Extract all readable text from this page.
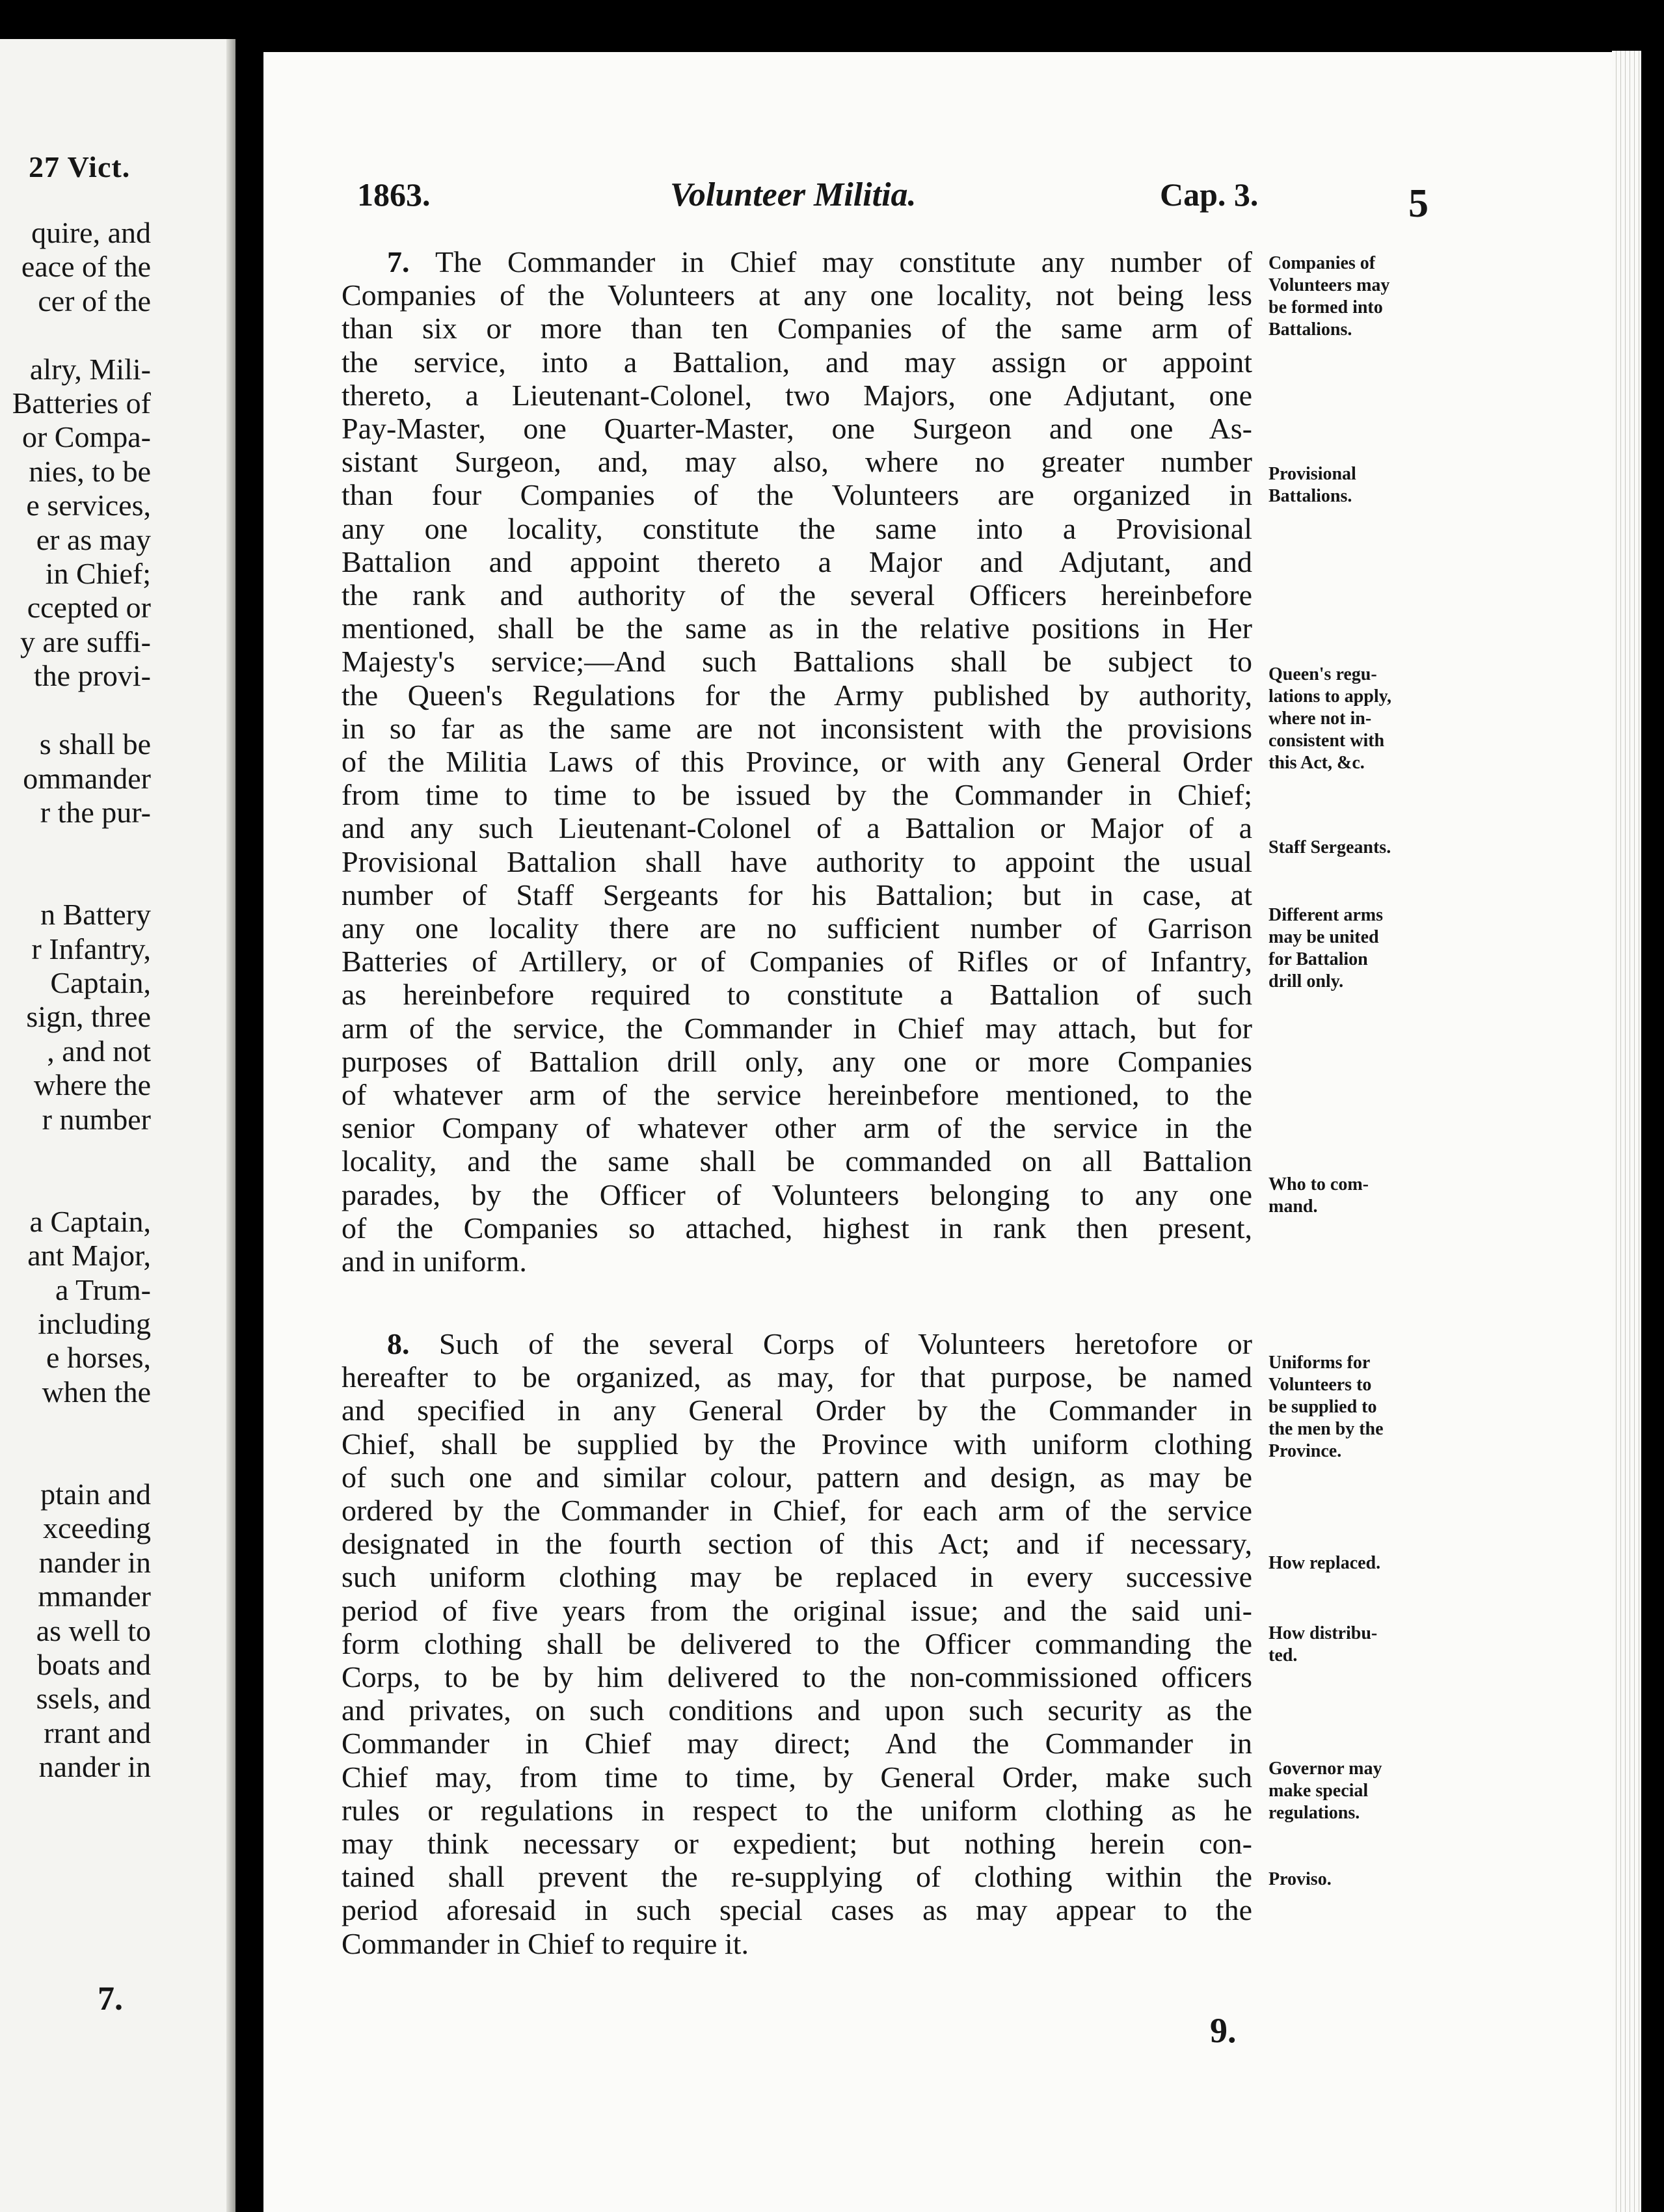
27 Vict.
quire, and
eace of the
cer of the

alry, Mili-
Batteries of
or Compa-
nies, to be
e services,
er as may
in Chief;
ccepted or
y are suffi-
the provi-

s shall be
ommander
r the pur-

n Battery
r Infantry,
Captain,
sign, three
, and not
where the
r number

a Captain,
ant Major,
a Trum-
including
e horses,
when the

ptain and
xceeding
nander in
mmander
as well to
boats and
ssels, and
rrant and
nander in
7.
1863.	Volunteer Militia.	Cap. 3.	5
7. The Commander in Chief may constitute any number of
Companies of the Volunteers at any one locality, not being less
than six or more than ten Companies of the same arm of
the service, into a Battalion, and may assign or appoint
thereto, a Lieutenant-Colonel, two Majors, one Adjutant, one
Pay-Master, one Quarter-Master, one Surgeon and one As-
sistant Surgeon, and, may also, where no greater number
than four Companies of the Volunteers are organized in
any one locality, constitute the same into a Provisional
Battalion and appoint thereto a Major and Adjutant, and
the rank and authority of the several Officers hereinbefore
mentioned, shall be the same as in the relative positions in Her
Majesty's service;—And such Battalions shall be subject to
the Queen's Regulations for the Army published by authority,
in so far as the same are not inconsistent with the provisions
of the Militia Laws of this Province, or with any General Order
from time to time to be issued by the Commander in Chief;
and any such Lieutenant-Colonel of a Battalion or Major of a
Provisional Battalion shall have authority to appoint the usual
number of Staff Sergeants for his Battalion; but in case, at
any one locality there are no sufficient number of Garrison
Batteries of Artillery, or of Companies of Rifles or of Infantry,
as hereinbefore required to constitute a Battalion of such
arm of the service, the Commander in Chief may attach, but for
purposes of Battalion drill only, any one or more Companies
of whatever arm of the service hereinbefore mentioned, to the
senior Company of whatever other arm of the service in the
locality, and the same shall be commanded on all Battalion
parades, by the Officer of Volunteers belonging to any one
of the Companies so attached, highest in rank then present,
and in uniform.
8. Such of the several Corps of Volunteers heretofore or
hereafter to be organized, as may, for that purpose, be named
and specified in any General Order by the Commander in
Chief, shall be supplied by the Province with uniform clothing
of such one and similar colour, pattern and design, as may be
ordered by the Commander in Chief, for each arm of the service
designated in the fourth section of this Act; and if necessary,
such uniform clothing may be replaced in every successive
period of five years from the original issue; and the said uni-
form clothing shall be delivered to the Officer commanding the
Corps, to be by him delivered to the non-commissioned officers
and privates, on such conditions and upon such security as the
Commander in Chief may direct; And the Commander in
Chief may, from time to time, by General Order, make such
rules or regulations in respect to the uniform clothing as he
may think necessary or expedient; but nothing herein con-
tained shall prevent the re-supplying of clothing within the
period aforesaid in such special cases as may appear to the
Commander in Chief to require it.
Companies of
Volunteers may
be formed into
Battalions.
Provisional
Battalions.
Queen's regu-
lations to apply,
where not in-
consistent with
this Act, &c.
Staff Sergeants.
Different arms
may be united
for Battalion
drill only.
Who to com-
mand.
Uniforms for
Volunteers to
be supplied to
the men by the
Province.
How replaced.
How distribu-
ted.
Governor may
make special
regulations.
Proviso.
9.
